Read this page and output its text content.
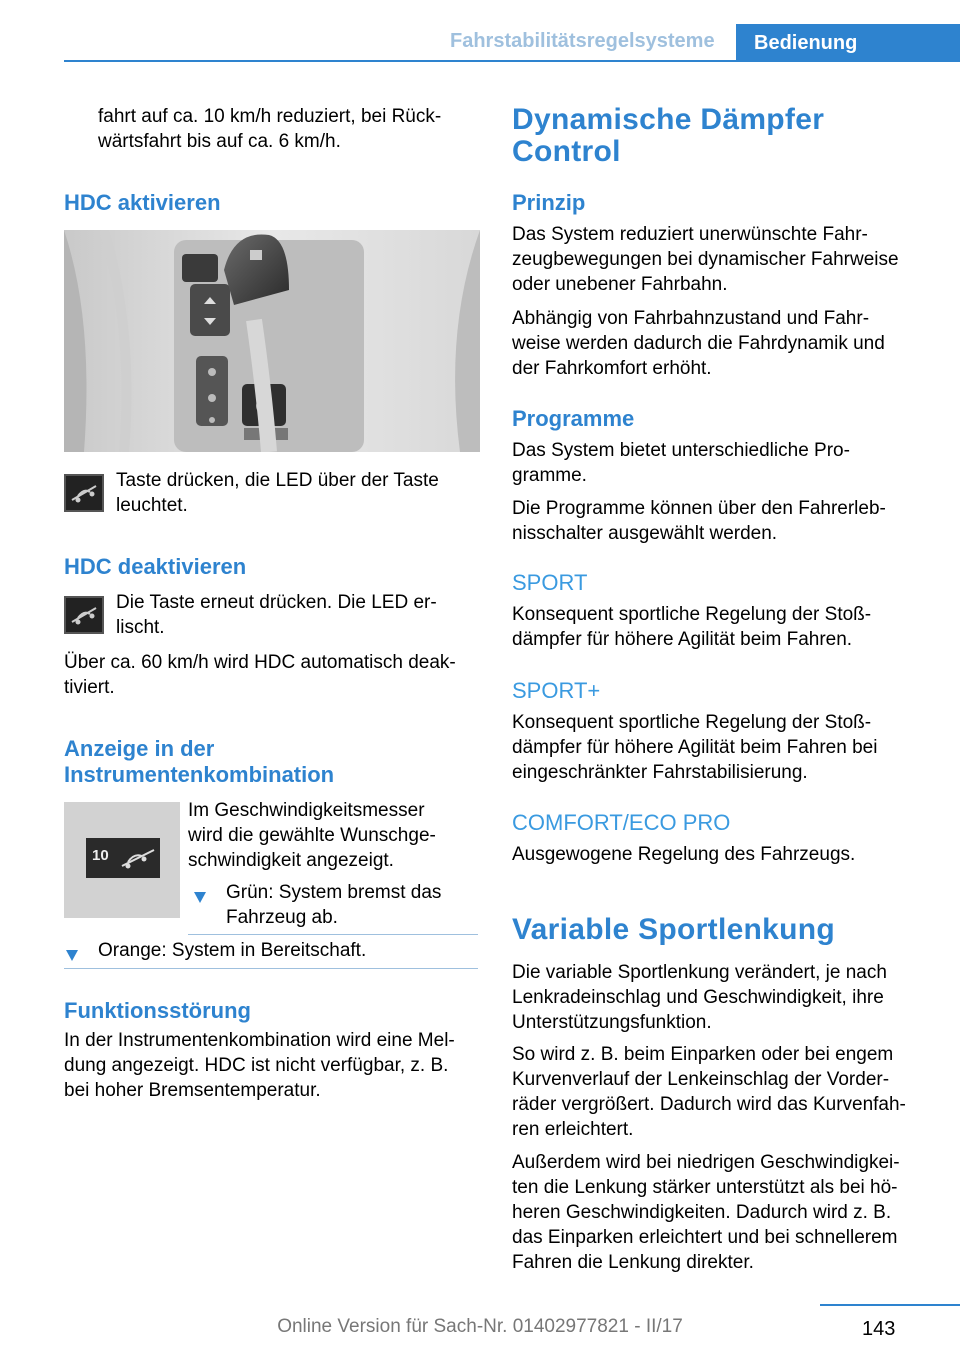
Fahrstabilitätsregelsysteme	Bedienung

fahrt auf ca. 10 km/h reduziert, bei Rück-

wärtsfahrt bis auf ca. 6 km/h.

HDC aktivieren

Taste drücken, die LED über der Taste

leuchtet.

HDC deaktivieren

Die Taste erneut drücken. Die LED er-

lischt.

Über ca. 60 km/h wird HDC automatisch deak-

tiviert.

Anzeige in der

Instrumentenkombination

10

Im Geschwindigkeitsmesser

wird die gewählte Wunschge-

schwindigkeit angezeigt.

Grün: System bremst das

Fahrzeug ab.

Orange: System in Bereitschaft.
Funktionsstörung

In der Instrumentenkombination wird eine Mel-

dung angezeigt. HDC ist nicht verfügbar, z. B.

bei hoher Bremsentemperatur.

Dynamische Dämpfer

Control

Prinzip

Das System reduziert unerwünschte Fahr-

zeugbewegungen bei dynamischer Fahrweise

oder unebener Fahrbahn.

Abhängig von Fahrbahnzustand und Fahr-

weise werden dadurch die Fahrdynamik und

der Fahrkomfort erhöht.

Programme

Das System bietet unterschiedliche Pro-

gramme.

Die Programme können über den Fahrerleb-

nisschalter ausgewählt werden.

SPORT

Konsequent sportliche Regelung der Stoß-

dämpfer für höhere Agilität beim Fahren.

SPORT+

Konsequent sportliche Regelung der Stoß-

dämpfer für höhere Agilität beim Fahren bei

eingeschränkter Fahrstabilisierung.

COMFORT/ECO PRO
Ausgewogene Regelung des Fahrzeugs.
Variable Sportlenkung

Die variable Sportlenkung verändert, je nach

Lenkradeinschlag und Geschwindigkeit, ihre

Unterstützungsfunktion.

So wird z. B. beim Einparken oder bei engem

Kurvenverlauf der Lenkeinschlag der Vorder-

räder vergrößert. Dadurch wird das Kurvenfah-

ren erleichtert.

Außerdem wird bei niedrigen Geschwindigkei-

ten die Lenkung stärker unterstützt als bei hö-

heren Geschwindigkeiten. Dadurch wird z. B.

das Einparken erleichtert und bei schnellerem

Fahren die Lenkung direkter.

143
Online Version für Sach-Nr. 01402977821 - II/17
